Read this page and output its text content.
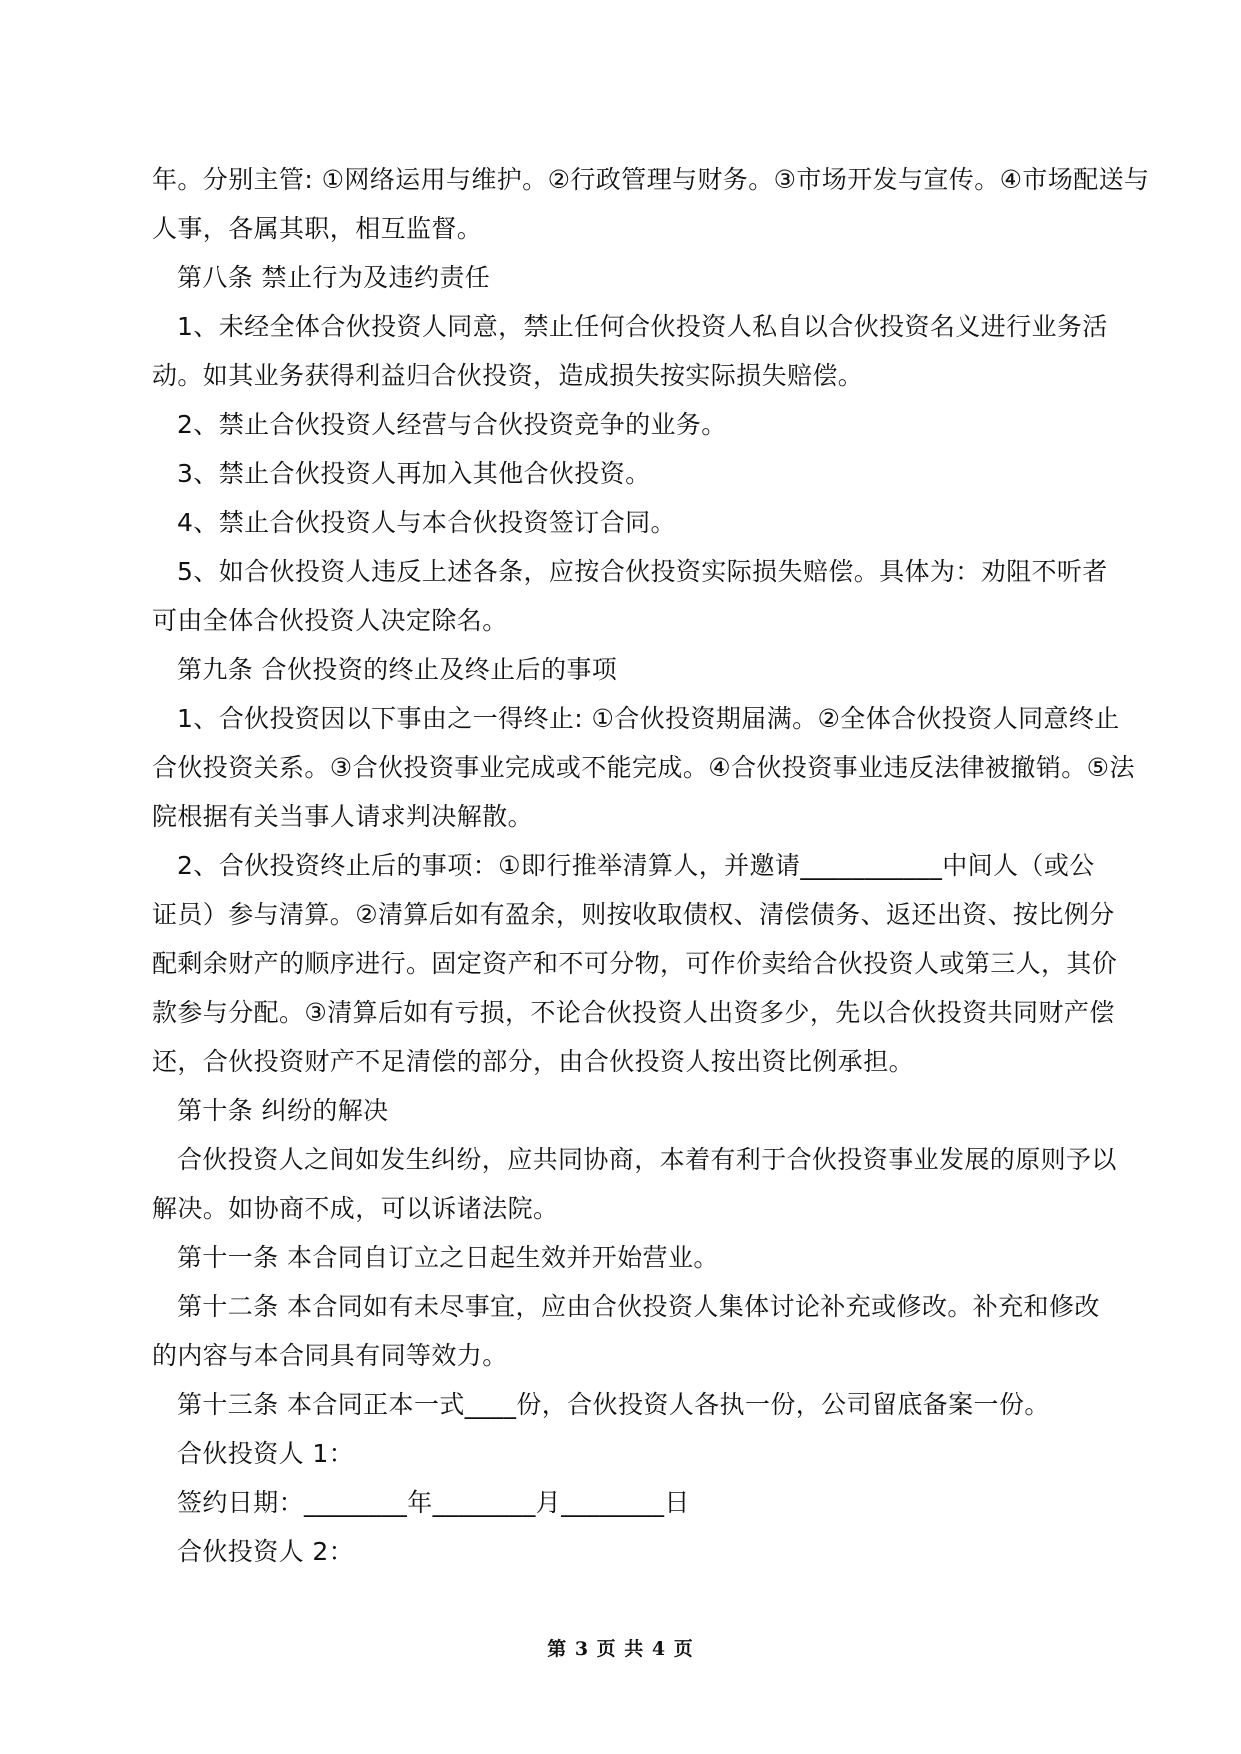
年。分别主管: ①网络运用与维护。②行政管理与财务。③市场开发与宣传。④市场配送与
人事，各属其职，相互监督。
第八条 禁止行为及违约责任
1、未经全体合伙投资人同意，禁止任何合伙投资人私自以合伙投资名义进行业务活
动。如其业务获得利益归合伙投资，造成损失按实际损失赔偿。
2、禁止合伙投资人经营与合伙投资竞争的业务。
3、禁止合伙投资人再加入其他合伙投资。
4、禁止合伙投资人与本合伙投资签订合同。
5、如合伙投资人违反上述各条，应按合伙投资实际损失赔偿。具体为：劝阻不听者
可由全体合伙投资人决定除名。
第九条 合伙投资的终止及终止后的事项
1、合伙投资因以下事由之一得终止: ①合伙投资期届满。②全体合伙投资人同意终止
合伙投资关系。③合伙投资事业完成或不能完成。④合伙投资事业违反法律被撤销。⑤法
院根据有关当事人请求判决解散。
2、合伙投资终止后的事项：①即行推举清算人，并邀请___________中间人（或公
证员）参与清算。②清算后如有盈余，则按收取债权、清偿债务、返还出资、按比例分
配剩余财产的顺序进行。固定资产和不可分物，可作价卖给合伙投资人或第三人，其价
款参与分配。③清算后如有亏损，不论合伙投资人出资多少，先以合伙投资共同财产偿
还，合伙投资财产不足清偿的部分，由合伙投资人按出资比例承担。
第十条 纠纷的解决
合伙投资人之间如发生纠纷，应共同协商，本着有利于合伙投资事业发展的原则予以
解决。如协商不成，可以诉诸法院。
第十一条 本合同自订立之日起生效并开始营业。
第十二条 本合同如有未尽事宜，应由合伙投资人集体讨论补充或修改。补充和修改
的内容与本合同具有同等效力。
第十三条 本合同正本一式____份，合伙投资人各执一份，公司留底备案一份。
合伙投资人 1：
签约日期：________年________月________日
合伙投资人 2：
第 3 页 共 4 页
